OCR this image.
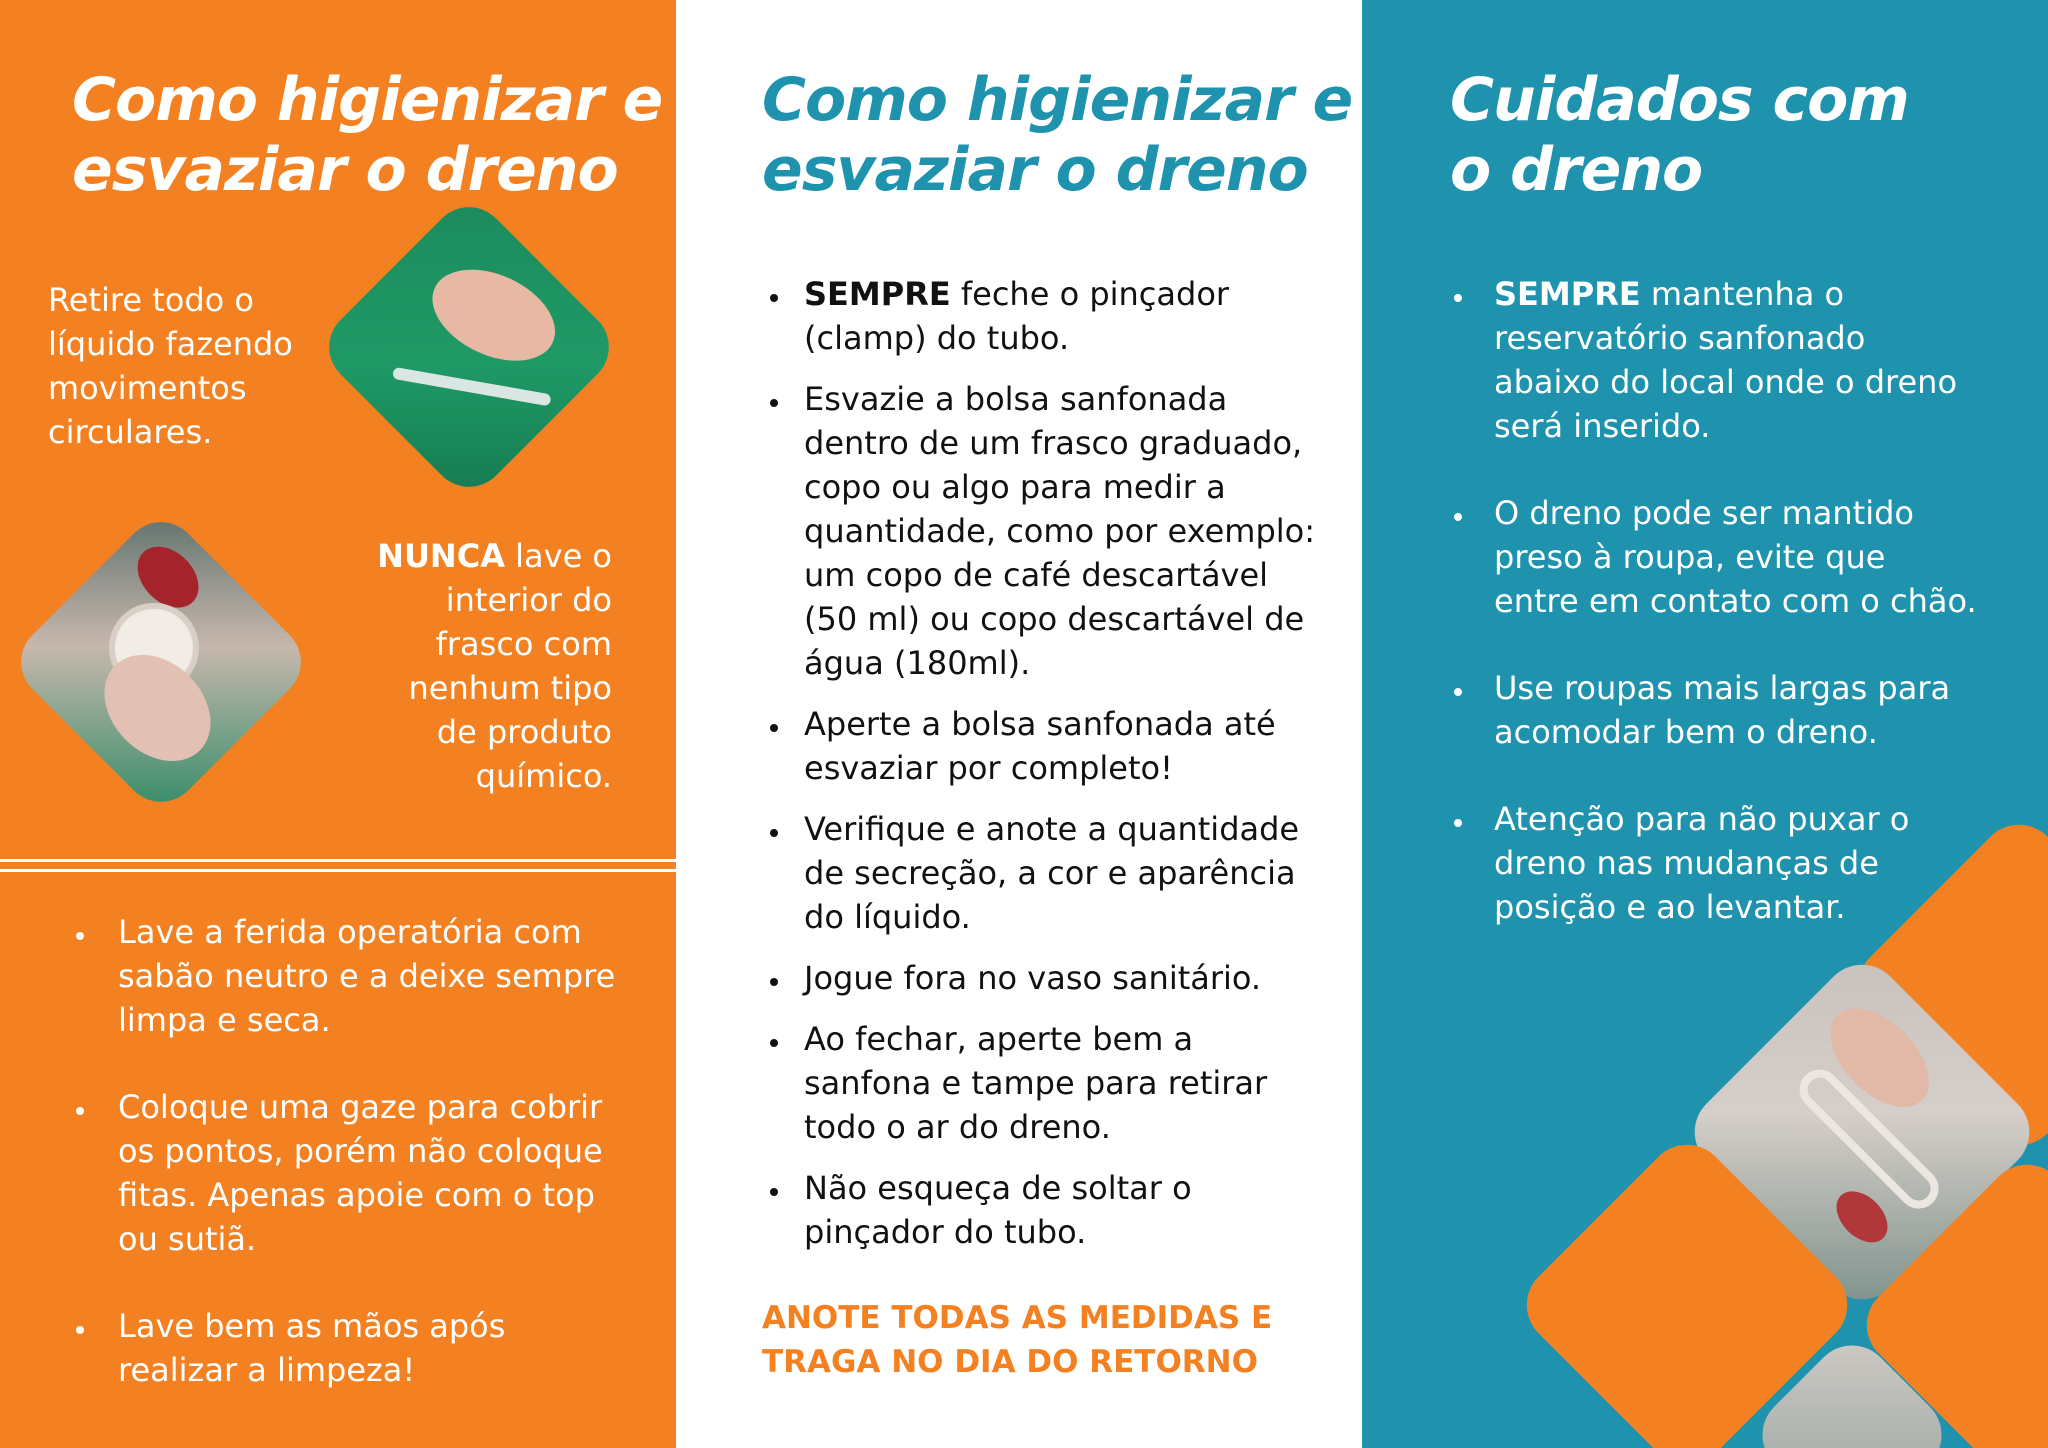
Como higienizar e
esvaziar o dreno

Retire todo o líquido fazendo movimentos circulares.

NUNCA lave o interior do frasco com nenhum tipo de produto químico.

Lave a ferida operatória com sabão neutro e a deixe sempre limpa e seca.
Coloque uma gaze para cobrir os pontos, porém não coloque fitas. Apenas apoie com o top ou sutiã.
Lave bem as mãos após realizar a limpeza!
Como higienizar e
esvaziar o dreno
SEMPRE feche o pinçador (clamp) do tubo.
Esvazie a bolsa sanfonada dentro de um frasco graduado, copo ou algo para medir a quantidade, como por exemplo: um copo de café descartável (50 ml) ou copo descartável de água (180ml).
Aperte a bolsa sanfonada até esvaziar por completo!
Verifique e anote a quantidade de secreção, a cor e aparência do líquido.
Jogue fora no vaso sanitário.
Ao fechar, aperte bem a sanfona e tampe para retirar todo o ar do dreno.
Não esqueça de soltar o pinçador do tubo.

ANOTE TODAS AS MEDIDAS E
TRAGA NO DIA DO RETORNO

Cuidados com
o dreno
SEMPRE mantenha o reservatório sanfonado abaixo do local onde o dreno será inserido.
O dreno pode ser mantido preso à roupa, evite que entre em contato com o chão.
Use roupas mais largas para acomodar bem o dreno.
Atenção para não puxar o dreno nas mudanças de posição e ao levantar.
